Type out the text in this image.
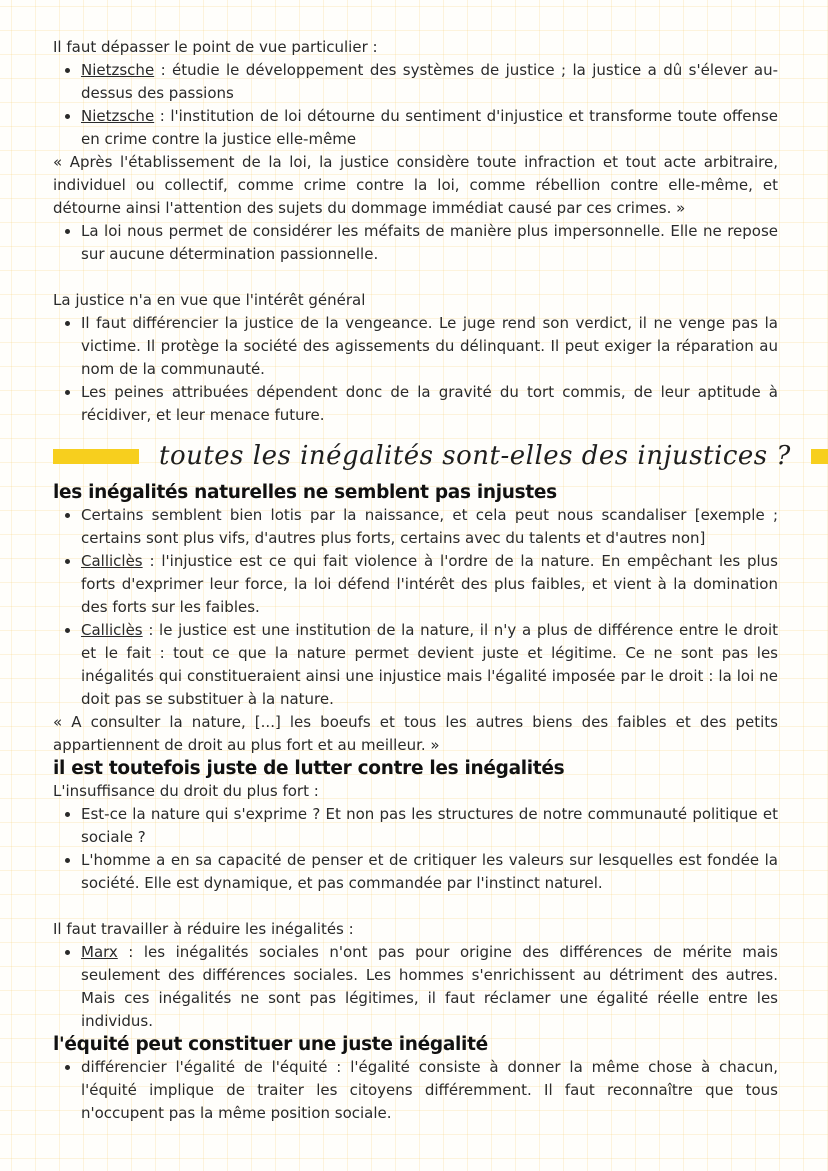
Il faut dépasser le point de vue particulier :

• Nietzsche : étudie le développement des systèmes de justice ; la justice a dû s'élever au-dessus des passions
• Nietzsche : l'institution de loi détourne du sentiment d'injustice et transforme toute offense en crime contre la justice elle-même

« Après l'établissement de la loi, la justice considère toute infraction et tout acte arbitraire, individuel ou collectif, comme crime contre la loi, comme rébellion contre elle-même, et détourne ainsi l'attention des sujets du dommage immédiat causé par ces crimes. »

• La loi nous permet de considérer les méfaits de manière plus impersonnelle. Elle ne repose sur aucune détermination passionnelle.

La justice n'a en vue que l'intérêt général

• Il faut différencier la justice de la vengeance. Le juge rend son verdict, il ne venge pas la victime. Il protège la société des agissements du délinquant. Il peut exiger la réparation au nom de la communauté.
• Les peines attribuées dépendent donc de la gravité du tort commis, de leur aptitude à récidiver, et leur menace future.
toutes les inégalités sont-elles des injustices ?
les inégalités naturelles ne semblent pas injustes
• Certains semblent bien lotis par la naissance, et cela peut nous scandaliser [exemple ; certains sont plus vifs, d'autres plus forts, certains avec du talents et d'autres non]
• Calliclès : l'injustice est ce qui fait violence à l'ordre de la nature. En empêchant les plus forts d'exprimer leur force, la loi défend l'intérêt des plus faibles, et vient à la domination des forts sur les faibles.
• Calliclès : le justice est une institution de la nature, il n'y a plus de différence entre le droit et le fait : tout ce que la nature permet devient juste et légitime. Ce ne sont pas les inégalités qui constitueraient ainsi une injustice mais l'égalité imposée par le droit : la loi ne doit pas se substituer à la nature.

« A consulter la nature, [...] les boeufs et tous les autres biens des faibles et des petits appartiennent de droit au plus fort et au meilleur. »

il est toutefois juste de lutter contre les inégalités

L'insuffisance du droit du plus fort :

• Est-ce la nature qui s'exprime ? Et non pas les structures de notre communauté politique et sociale ?
• L'homme a en sa capacité de penser et de critiquer les valeurs sur lesquelles est fondée la société. Elle est dynamique, et pas commandée par l'instinct naturel.

Il faut travailler à réduire les inégalités :

• Marx : les inégalités sociales n'ont pas pour origine des différences de mérite mais seulement des différences sociales. Les hommes s'enrichissent au détriment des autres. Mais ces inégalités ne sont pas légitimes, il faut réclamer une égalité réelle entre les individus.
l'équité peut constituer une juste inégalité
• différencier l'égalité de l'équité : l'égalité consiste à donner la même chose à chacun, l'équité implique de traiter les citoyens différemment. Il faut reconnaître que tous n'occupent pas la même position sociale.
